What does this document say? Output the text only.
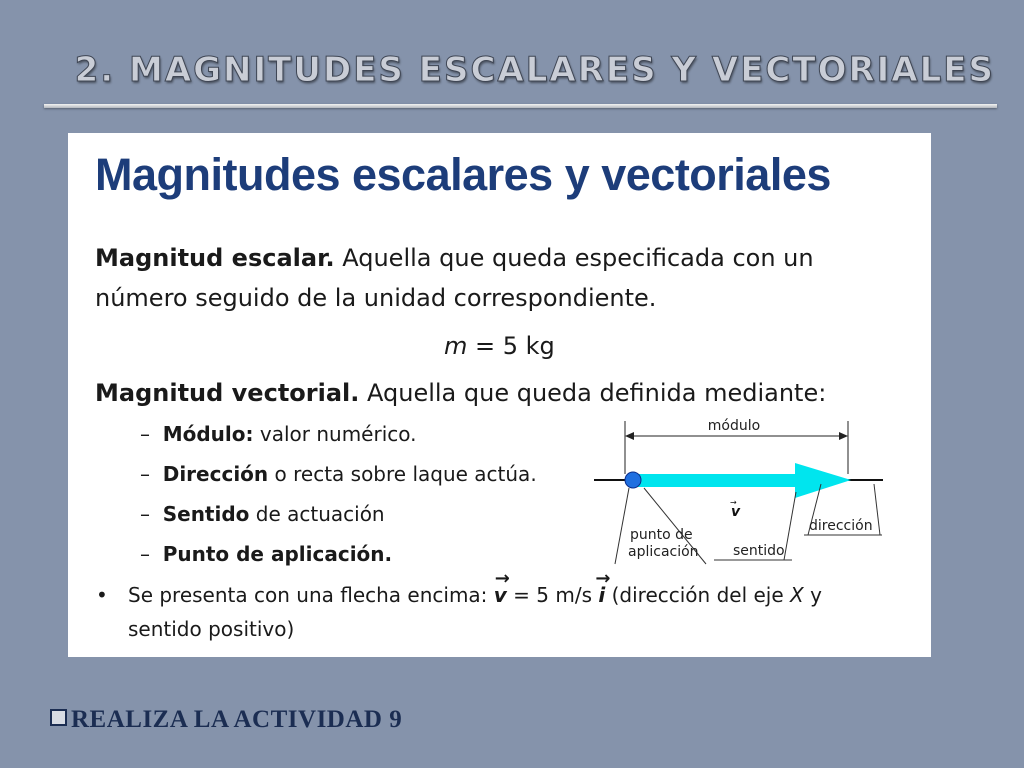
2. MAGNITUDES ESCALARES Y VECTORIALES
Magnitudes escalares y vectoriales
Magnitud escalar. Aquella que queda especificada con un
número seguido de la unidad correspondiente.
m = 5 kg
Magnitud vectorial. Aquella que queda definida mediante:
– Módulo: valor numérico.
– Dirección o recta sobre laque actúa.
– Sentido de actuación
– Punto de aplicación.
• Se presenta con una flecha encima:
→
v = 5 m/s
→
i (dirección del eje X y
sentido positivo)
módulo
→
v
punto de
aplicación sentido
dirección
REALIZA LA ACTIVIDAD 9
